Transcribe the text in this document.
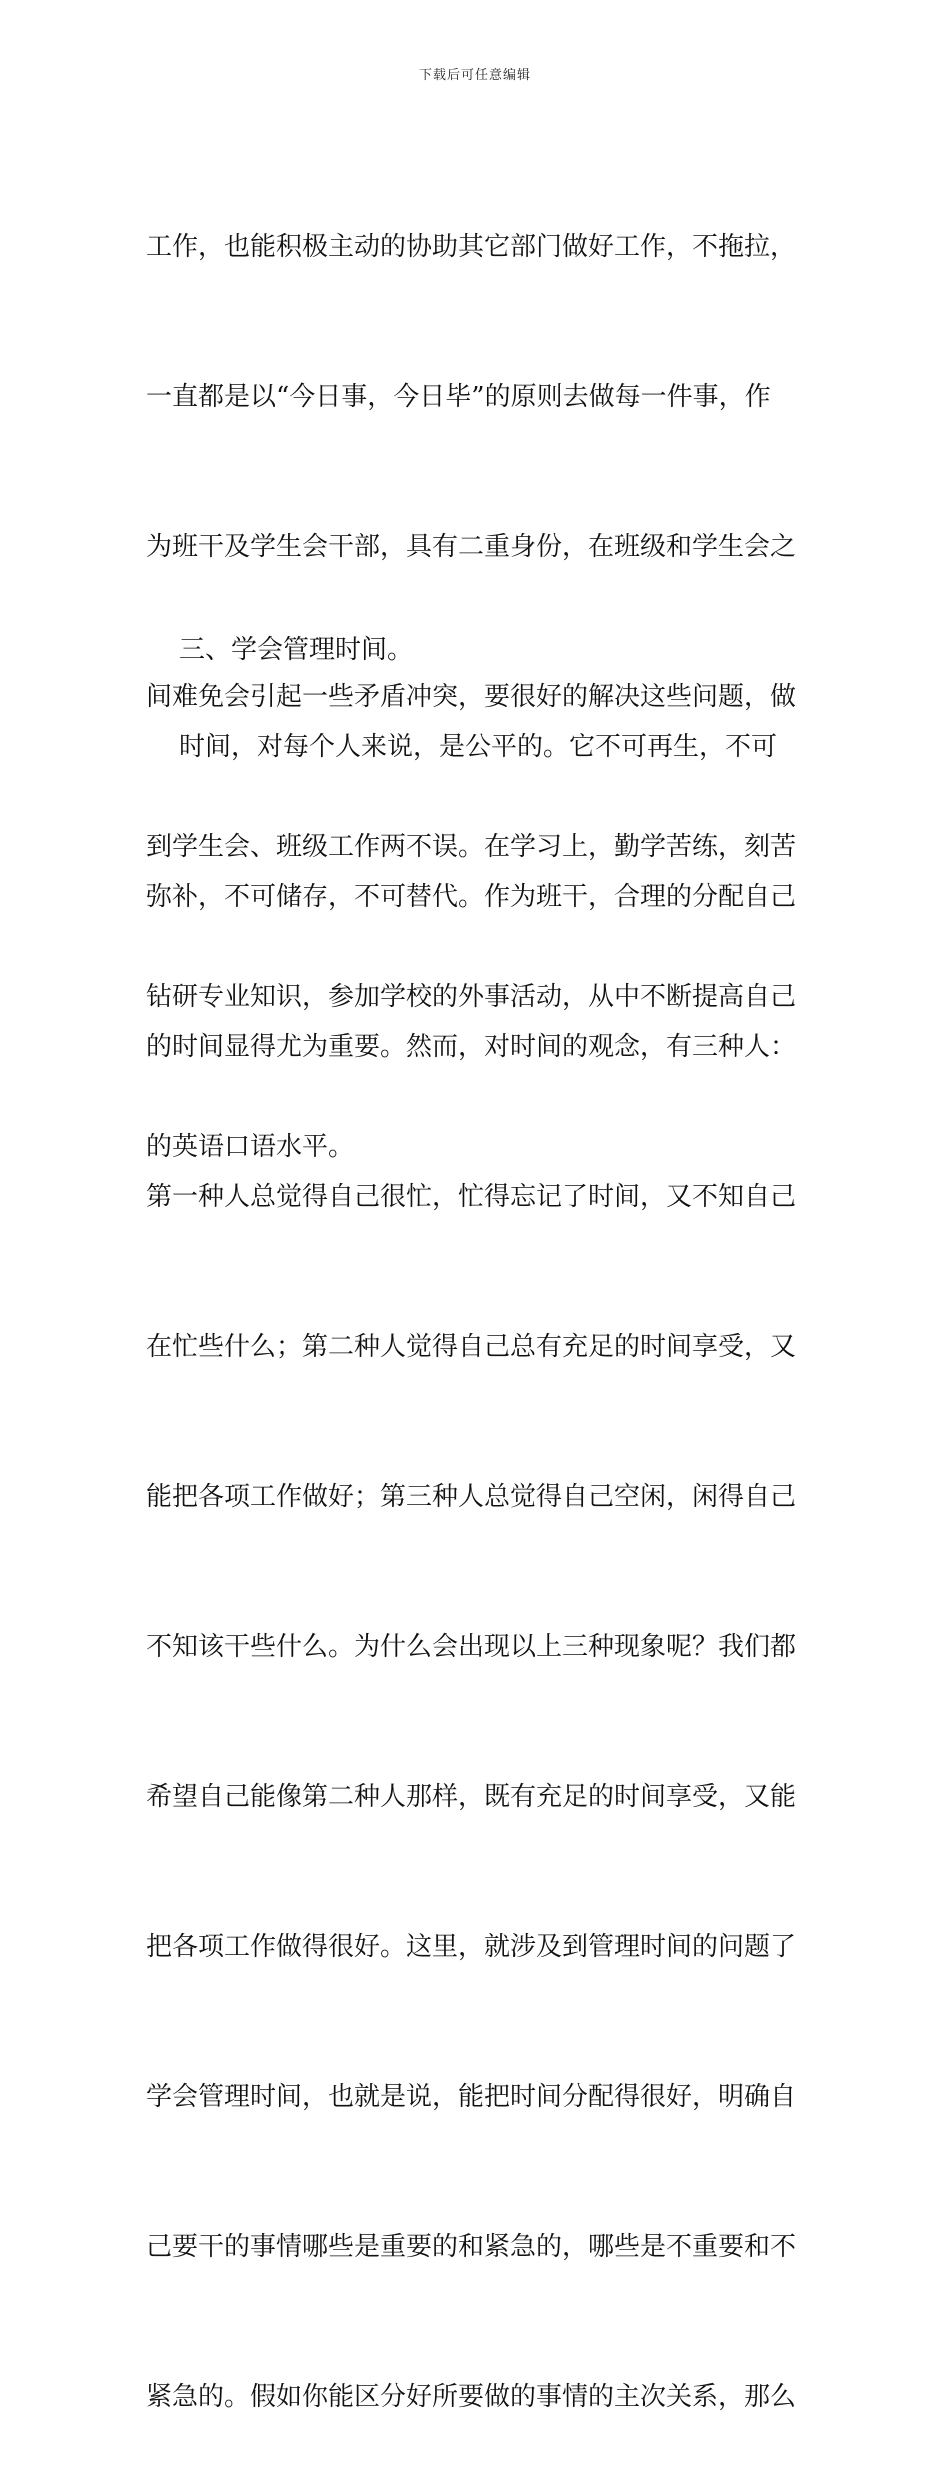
下载后可任意编辑

工作，也能积极主动的协助其它部门做好工作，不拖拉，

一直都是以“今日事，今日毕”的原则去做每一件事，作

为班干及学生会干部，具有二重身份，在班级和学生会之

间难免会引起一些矛盾冲突，要很好的解决这些问题，做

到学生会、班级工作两不误。在学习上，勤学苦练，刻苦

钻研专业知识，参加学校的外事活动，从中不断提高自己

的英语口语水平。

三、学会管理时间。

时间，对每个人来说，是公平的。它不可再生，不可

弥补，不可储存，不可替代。作为班干，合理的分配自己

的时间显得尤为重要。然而，对时间的观念，有三种人：

第一种人总觉得自己很忙，忙得忘记了时间，又不知自己

在忙些什么；第二种人觉得自己总有充足的时间享受，又

能把各项工作做好；第三种人总觉得自己空闲，闲得自己

不知该干些什么。为什么会出现以上三种现象呢？我们都

希望自己能像第二种人那样，既有充足的时间享受，又能

把各项工作做得很好。这里，就涉及到管理时间的问题了

学会管理时间，也就是说，能把时间分配得很好，明确自

己要干的事情哪些是重要的和紧急的，哪些是不重要和不

紧急的。假如你能区分好所要做的事情的主次关系，那么
